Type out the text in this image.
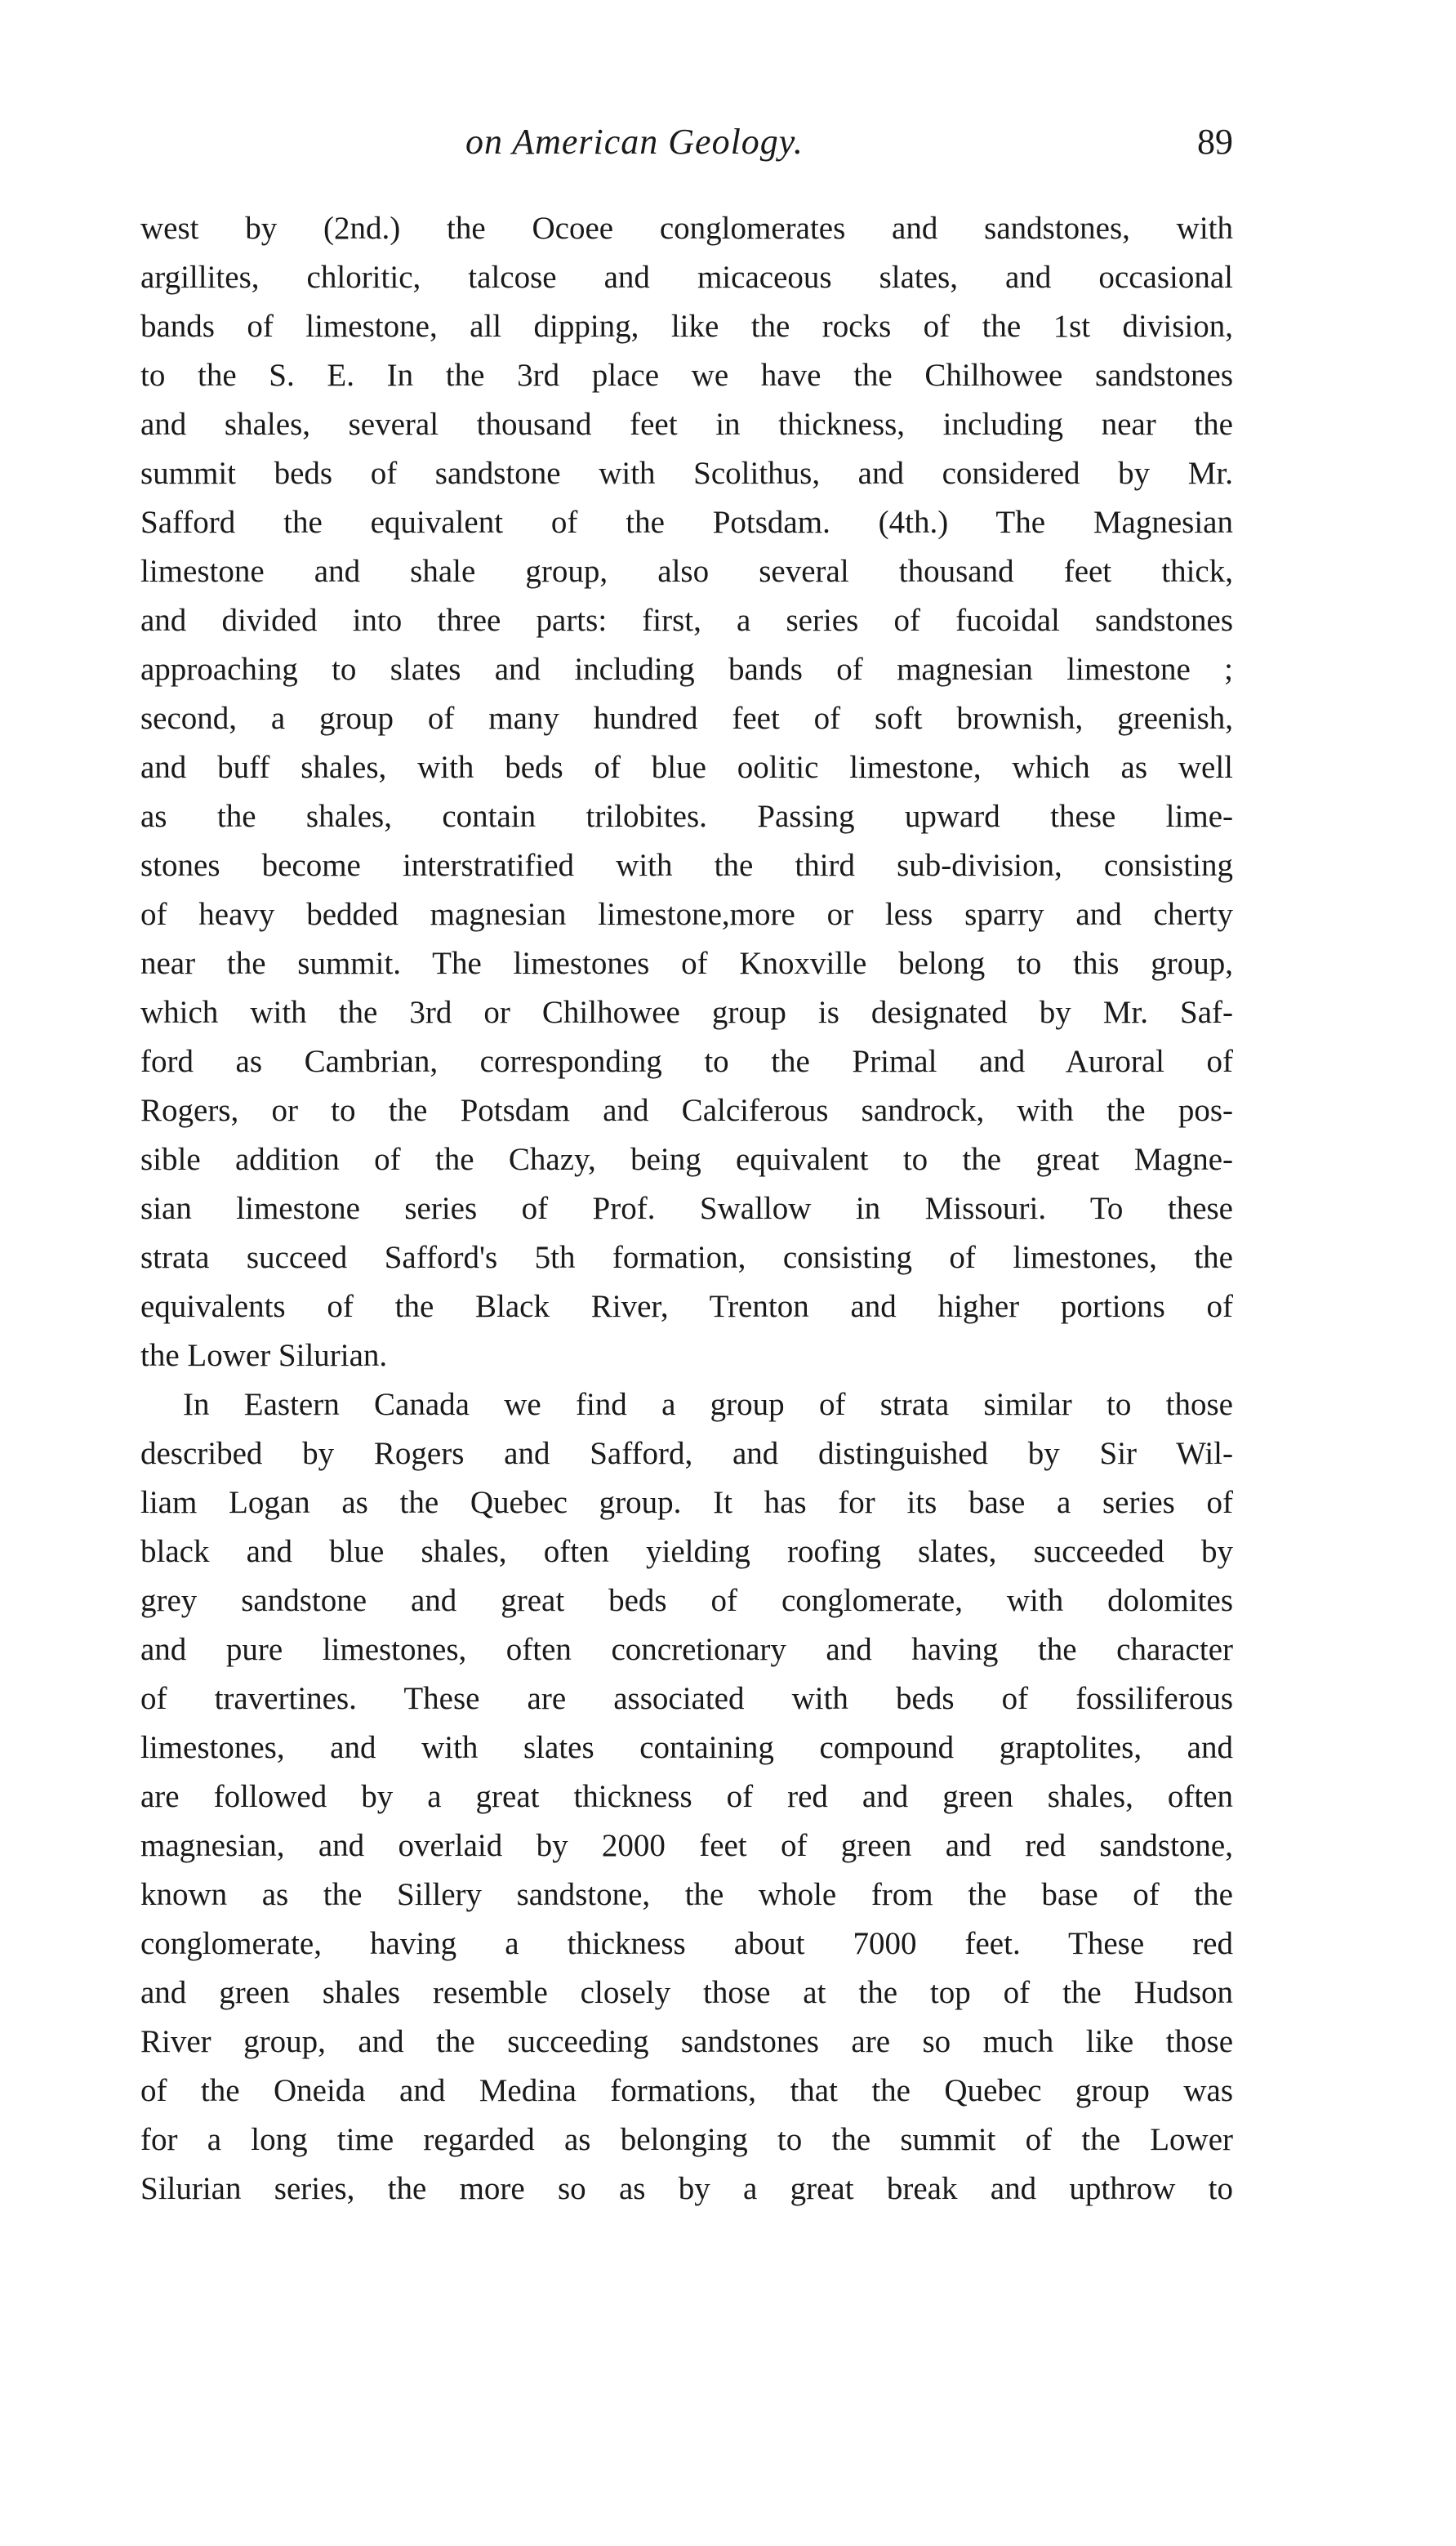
on American Geology.	89
west by (2nd.) the Ocoee conglomerates and sandstones, with
argillites, chloritic, talcose and micaceous slates, and occasional
bands of limestone, all dipping, like the rocks of the 1st division,
to the S. E. In the 3rd place we have the Chilhowee sandstones
and shales, several thousand feet in thickness, including near the
summit beds of sandstone with Scolithus, and considered by Mr.
Safford the equivalent of the Potsdam. (4th.) The Magnesian
limestone and shale group, also several thousand feet thick,
and divided into three parts: first, a series of fucoidal sandstones
approaching to slates and including bands of magnesian limestone ;
second, a group of many hundred feet of soft brownish, greenish,
and buff shales, with beds of blue oolitic limestone, which as well
as the shales, contain trilobites. Passing upward these lime-
stones become interstratified with the third sub-division, consisting
of heavy bedded magnesian limestone,more or less sparry and cherty
near the summit. The limestones of Knoxville belong to this group,
which with the 3rd or Chilhowee group is designated by Mr. Saf-
ford as Cambrian, corresponding to the Primal and Auroral of
Rogers, or to the Potsdam and Calciferous sandrock, with the pos-
sible addition of the Chazy, being equivalent to the great Magne-
sian limestone series of Prof. Swallow in Missouri. To these
strata succeed Safford's 5th formation, consisting of limestones, the
equivalents of the Black River, Trenton and higher portions of
the Lower Silurian.
In Eastern Canada we find a group of strata similar to those
described by Rogers and Safford, and distinguished by Sir Wil-
liam Logan as the Quebec group. It has for its base a series of
black and blue shales, often yielding roofing slates, succeeded by
grey sandstone and great beds of conglomerate, with dolomites
and pure limestones, often concretionary and having the character
of travertines. These are associated with beds of fossiliferous
limestones, and with slates containing compound graptolites, and
are followed by a great thickness of red and green shales, often
magnesian, and overlaid by 2000 feet of green and red sandstone,
known as the Sillery sandstone, the whole from the base of the
conglomerate, having a thickness about 7000 feet. These red
and green shales resemble closely those at the top of the Hudson
River group, and the succeeding sandstones are so much like those
of the Oneida and Medina formations, that the Quebec group was
for a long time regarded as belonging to the summit of the Lower
Silurian series, the more so as by a great break and upthrow to
